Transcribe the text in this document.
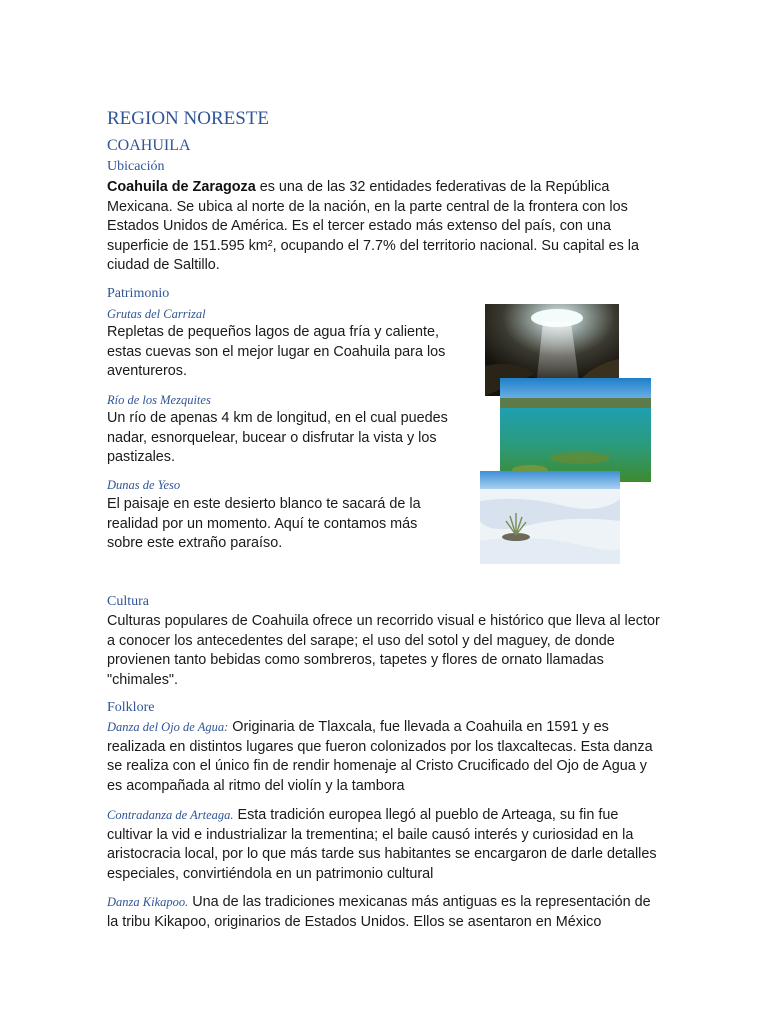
REGION NORESTE
COAHUILA
Ubicación
Coahuila de Zaragoza es una de las 32 entidades federativas de la República Mexicana. Se ubica al norte de la nación, en la parte central de la frontera con los Estados Unidos de América. Es el tercer estado más extenso del país, con una superficie de 151.595 km², ocupando el 7.7% del territorio nacional. Su capital es la ciudad de Saltillo.
Patrimonio
Grutas del Carrizal
Repletas de pequeños lagos de agua fría y caliente, estas cuevas son el mejor lugar en Coahuila para los aventureros.
Río de los Mezquites
Un río de apenas 4 km de longitud, en el cual puedes nadar, esnorquelear, bucear o disfrutar la vista y los pastizales.
Dunas de Yeso
El paisaje en este desierto blanco te sacará de la realidad por un momento. Aquí te contamos más sobre este extraño paraíso.
Cultura
Culturas populares de Coahuila ofrece un recorrido visual e histórico que lleva al lector a conocer los antecedentes del sarape; el uso del sotol y del maguey, de donde provienen tanto bebidas como sombreros, tapetes y flores de ornato llamadas "chimales".
Folklore
Danza del Ojo de Agua: Originaria de Tlaxcala, fue llevada a Coahuila en 1591 y es realizada en distintos lugares que fueron colonizados por los tlaxcaltecas. Esta danza se realiza con el único fin de rendir homenaje al Cristo Crucificado del Ojo de Agua y es acompañada al ritmo del violín y la tambora
Contradanza de Arteaga. Esta tradición europea llegó al pueblo de Arteaga, su fin fue cultivar la vid e industrializar la trementina; el baile causó interés y curiosidad en la aristocracia local, por lo que más tarde sus habitantes se encargaron de darle detalles especiales, convirtiéndola en un patrimonio cultural
Danza Kikapoo. Una de las tradiciones mexicanas más antiguas es la representación de la tribu Kikapoo, originarios de Estados Unidos. Ellos se asentaron en México
